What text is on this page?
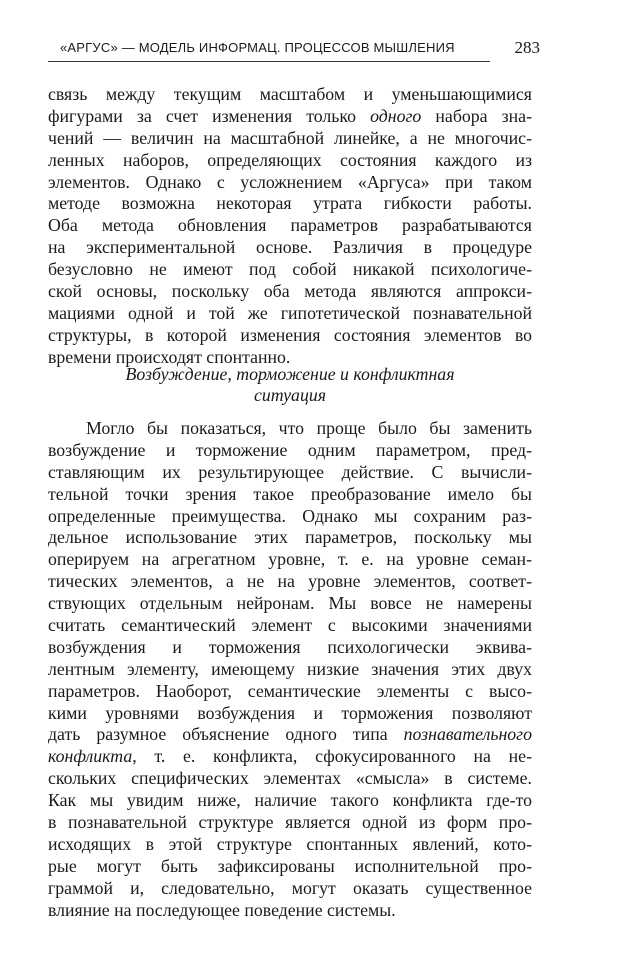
«АРГУС» — МОДЕЛЬ ИНФОРМАЦ. ПРОЦЕССОВ МЫШЛЕНИЯ	283
связь между текущим масштабом и уменьшающимися
фигурами за счет изменения только одного набора зна-
чений — величин на масштабной линейке, а не многочис-
ленных наборов, определяющих состояния каждого из
элементов. Однако с усложнением «Аргуса» при таком
методе возможна некоторая утрата гибкости работы.
Оба метода обновления параметров разрабатываются
на экспериментальной основе. Различия в процедуре
безусловно не имеют под собой никакой психологиче-
ской основы, поскольку оба метода являются аппрокси-
мациями одной и той же гипотетической познавательной
структуры, в которой изменения состояния элементов во
времени происходят спонтанно.
Возбуждение, торможение и конфликтная
ситуация
Могло бы показаться, что проще было бы заменить
возбуждение и торможение одним параметром, пред-
ставляющим их результирующее действие. С вычисли-
тельной точки зрения такое преобразование имело бы
определенные преимущества. Однако мы сохраним раз-
дельное использование этих параметров, поскольку мы
оперируем на агрегатном уровне, т. е. на уровне семан-
тических элементов, а не на уровне элементов, соответ-
ствующих отдельным нейронам. Мы вовсе не намерены
считать семантический элемент с высокими значениями
возбуждения и торможения психологически эквива-
лентным элементу, имеющему низкие значения этих двух
параметров. Наоборот, семантические элементы с высо-
кими уровнями возбуждения и торможения позволяют
дать разумное объяснение одного типа познавательного
конфликта, т. е. конфликта, сфокусированного на не-
скольких специфических элементах «смысла» в системе.
Как мы увидим ниже, наличие такого конфликта где-то
в познавательной структуре является одной из форм про-
исходящих в этой структуре спонтанных явлений, кото-
рые могут быть зафиксированы исполнительной про-
граммой и, следовательно, могут оказать существенное
влияние на последующее поведение системы.
